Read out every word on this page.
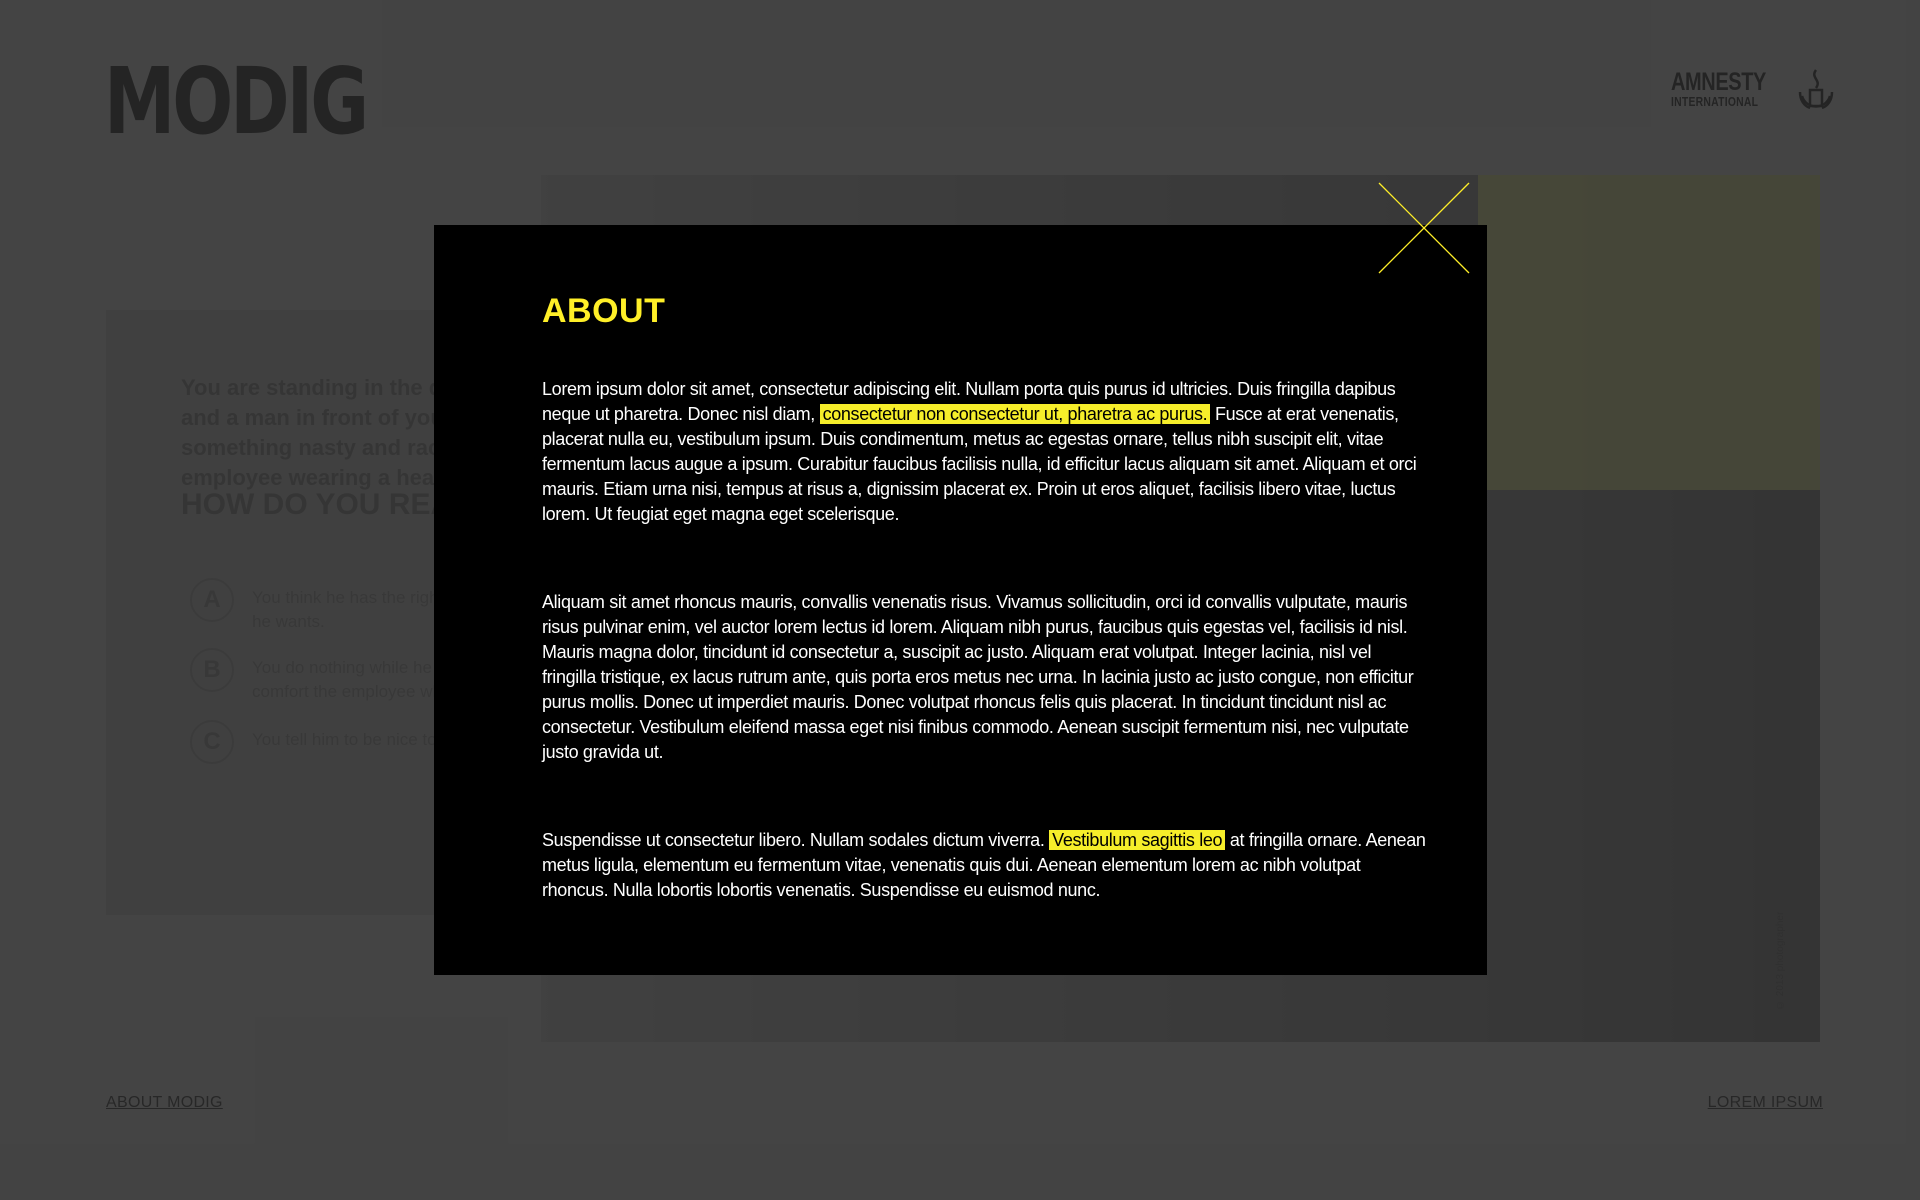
ABOUT

Lorem ipsum dolor sit amet, consectetur adipiscing elit. Nullam porta quis purus id ultricies. Duis fringilla dapibus neque ut pharetra. Donec nisl diam, consectetur non consectetur ut, pharetra ac purus. Fusce at erat venenatis, placerat nulla eu, vestibulum ipsum. Duis condimentum, metus ac egestas ornare, tellus nibh suscipit elit, vitae fermentum lacus augue a ipsum. Curabitur faucibus facilisis nulla, id efficitur lacus aliquam sit amet. Aliquam et orci mauris. Etiam urna nisi, tempus at risus a, dignissim placerat ex. Proin ut eros aliquet, facilisis libero vitae, luctus lorem. Ut feugiat eget magna eget scelerisque.

Aliquam sit amet rhoncus mauris, convallis venenatis risus. Vivamus sollicitudin, orci id convallis vulputate, mauris risus pulvinar enim, vel auctor lorem lectus id lorem. Aliquam nibh purus, faucibus quis egestas vel, facilisis id nisl. Mauris magna dolor, tincidunt id consectetur a, suscipit ac justo. Aliquam erat volutpat. Integer lacinia, nisl vel fringilla tristique, ex lacus rutrum ante, quis porta eros metus nec urna. In lacinia justo ac justo congue, non efficitur purus mollis. Donec ut imperdiet mauris. Donec volutpat rhoncus felis quis placerat. In tincidunt tincidunt nisl ac consectetur. Vestibulum eleifend massa eget nisi finibus commodo. Aenean suscipit fermentum nisi, nec vulputate justo gravida ut.

Suspendisse ut consectetur libero. Nullam sodales dictum viverra. Vestibulum sagittis leo at fringilla ornare. Aenean metus ligula, elementum eu fermentum vitae, venenatis quis dui. Aenean elementum lorem ac nibh volutpat rhoncus. Nulla lobortis lobortis venenatis. Suspendisse eu euismod nunc.
